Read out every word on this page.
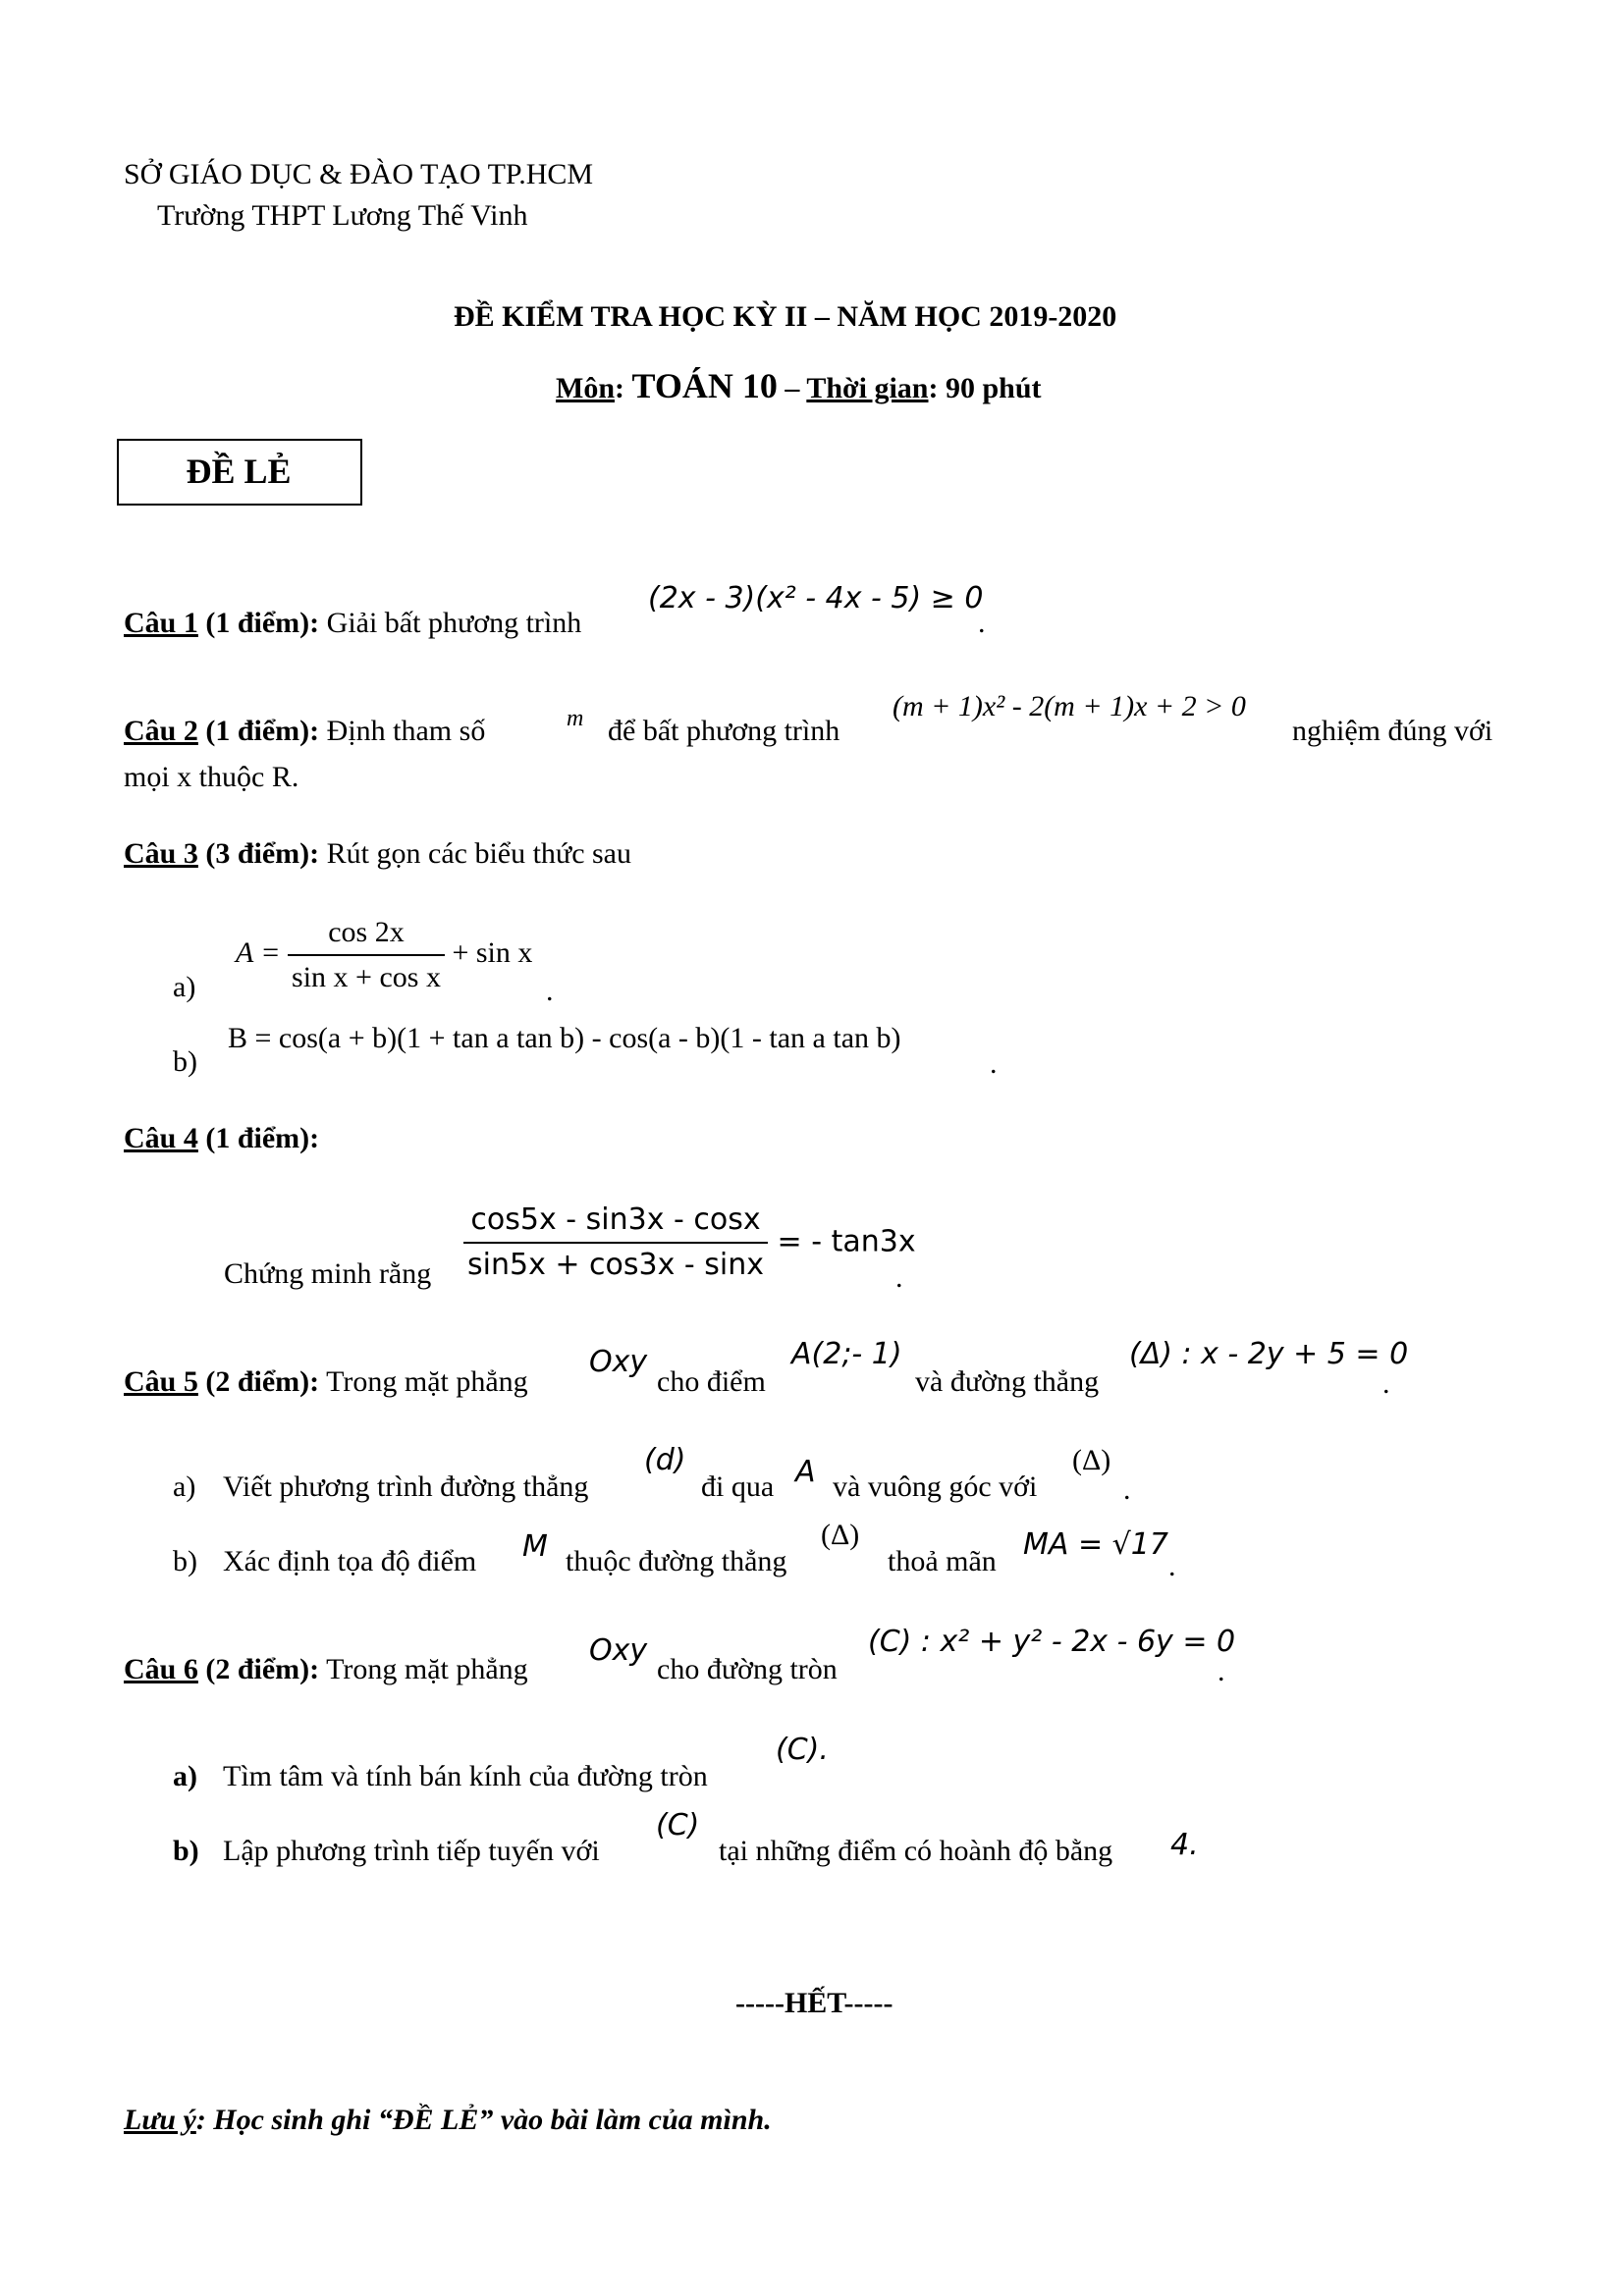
SỞ GIÁO DỤC & ĐÀO TẠO TP.HCM
Trường THPT Lương Thế Vinh
ĐỀ KIỂM TRA HỌC KỲ II – NĂM HỌC 2019-2020
Môn: TOÁN 10 – Thời gian: 90 phút
ĐỀ LẺ
Câu 1 (1 điểm): Giải bất phương trình
(2x - 3)(x² - 4x - 5) ≥ 0
.
Câu 2 (1 điểm): Định tham số	m để bất phương trình
(m + 1)x² - 2(m + 1)x + 2 > 0
nghiệm đúng với
mọi x thuộc R.
Câu 3 (3 điểm): Rút gọn các biểu thức sau
a)
$A = \frac{\cos 2x}{\text{sin x + cos x}} + \sin x$
.
b)
B = cos(a + b)(1 + tan a tan b) - cos(a - b)(1 - tan a tan b)
.
Câu 4 (1 điểm):
Chứng minh rằng $\frac{\cos 5x - \sin 3x - \cos x}{\sin 5x + \cos 3x - \sin x}$ = - tan3x
.
Câu 5 (2 điểm): Trong mặt phẳng
Oxy
cho điểm
A(2;- 1)
và đường thẳng
(Δ) : x - 2y + 5 = 0
.
a) Viết phương trình đường thẳng
(d)
đi qua A và vuông góc với
(Δ)
.
b) Xác định tọa độ điểm M thuộc đường thẳng
(Δ)
thoả mãn MA = √17
.
Câu 6 (2 điểm): Trong mặt phẳng
Oxy
cho đường tròn
(C) : x² + y² - 2x - 6y = 0
.
a) Tìm tâm và tính bán kính của đường tròn
(C).
b) Lập phương trình tiếp tuyến với
(C)
tại những điểm có hoành độ bằng 4.
-----HẾT-----
Lưu ý: Học sinh ghi “ĐỀ LẺ” vào bài làm của mình.
